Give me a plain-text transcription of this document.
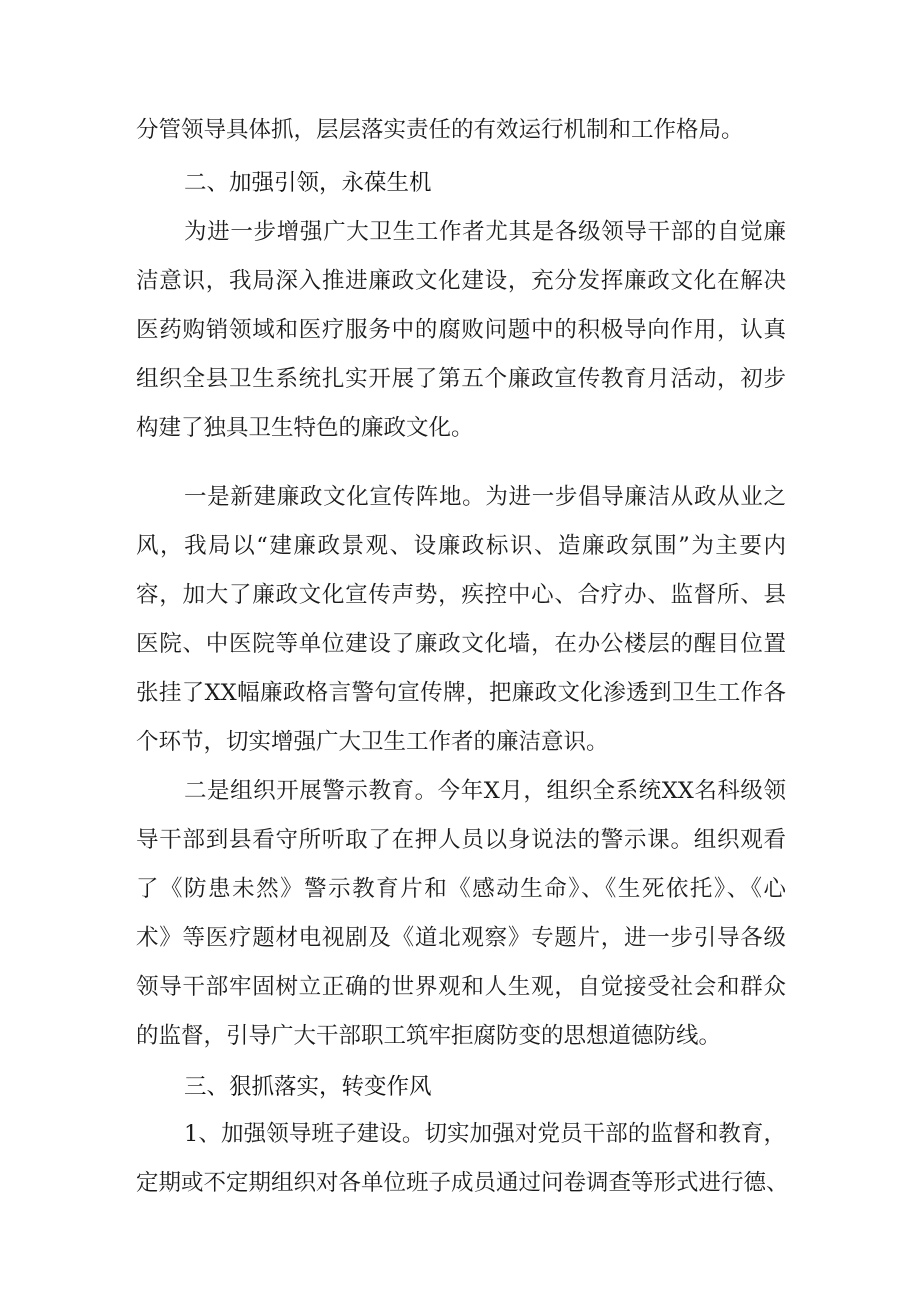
分管领导具体抓，层层落实责任的有效运行机制和工作格局。
二、加强引领，永葆生机
为进一步增强广大卫生工作者尤其是各级领导干部的自觉廉
洁意识，我局深入推进廉政文化建设，充分发挥廉政文化在解决
医药购销领域和医疗服务中的腐败问题中的积极导向作用，认真
组织全县卫生系统扎实开展了第五个廉政宣传教育月活动，初步
构建了独具卫生特色的廉政文化。
一是新建廉政文化宣传阵地。为进一步倡导廉洁从政从业之
风，我局以“建廉政景观、设廉政标识、造廉政氛围”为主要内
容，加大了廉政文化宣传声势，疾控中心、合疗办、监督所、县
医院、中医院等单位建设了廉政文化墙，在办公楼层的醒目位置
张挂了XX幅廉政格言警句宣传牌，把廉政文化渗透到卫生工作各
个环节，切实增强广大卫生工作者的廉洁意识。
二是组织开展警示教育。今年X月，组织全系统XX名科级领
导干部到县看守所听取了在押人员以身说法的警示课。组织观看
了《防患未然》警示教育片和《感动生命》、《生死依托》、《心
术》等医疗题材电视剧及《道北观察》专题片，进一步引导各级
领导干部牢固树立正确的世界观和人生观，自觉接受社会和群众
的监督，引导广大干部职工筑牢拒腐防变的思想道德防线。
三、狠抓落实，转变作风
1、加强领导班子建设。切实加强对党员干部的监督和教育，
定期或不定期组织对各单位班子成员通过问卷调查等形式进行德、
